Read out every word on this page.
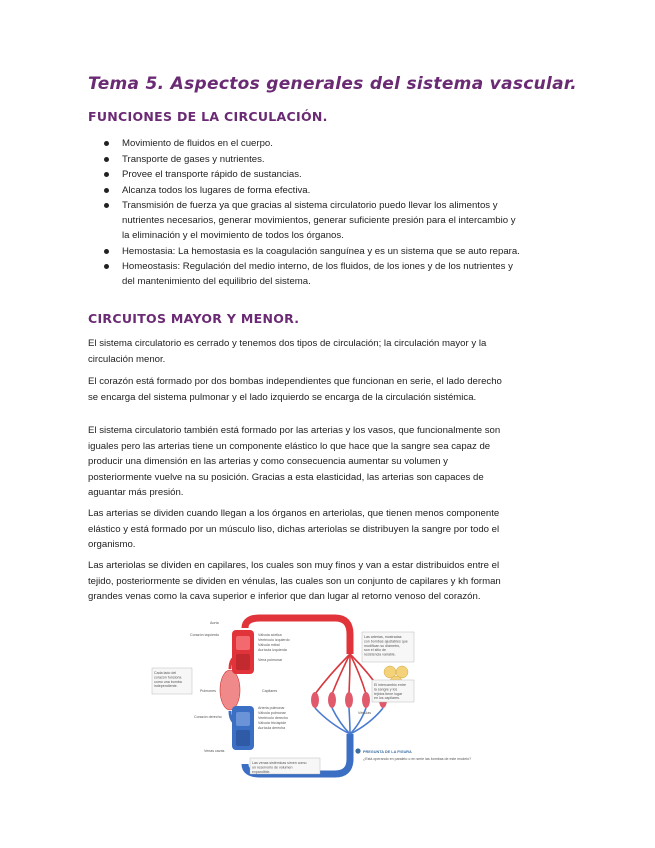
Tema 5. Aspectos generales del sistema vascular.
FUNCIONES DE LA CIRCULACIÓN.
Movimiento de fluidos en el cuerpo.
Transporte de gases y nutrientes.
Provee el transporte rápido de sustancias.
Alcanza todos los lugares de forma efectiva.
Transmisión de fuerza ya que gracias al sistema circulatorio puedo llevar los alimentos y nutrientes necesarios, generar movimientos, generar suficiente presión para el intercambio y la eliminación y el movimiento de todos los órganos.
Hemostasia: La hemostasia es la coagulación sanguínea y es un sistema que se auto repara.
Homeostasis: Regulación del medio interno, de los fluidos, de los iones y de los nutrientes y del mantenimiento del equilibrio del sistema.
CIRCUITOS MAYOR Y MENOR.

El sistema circulatorio es cerrado y tenemos dos tipos de circulación; la circulación mayor y la circulación menor.

El corazón está formado por dos bombas independientes que funcionan en serie, el lado derecho se encarga del sistema pulmonar y el lado izquierdo se encarga de la circulación sistémica.

El sistema circulatorio también está formado por las arterias y los vasos, que funcionalmente son iguales pero las arterias tiene un componente elástico lo que hace que la sangre sea capaz de producir una dimensión en las arterias y como consecuencia aumentar su volumen y posteriormente vuelve na su posición. Gracias a esta elasticidad, las arterias son capaces de aguantar más presión.

Las arterias se dividen cuando llegan a los órganos en arteriolas, que tienen menos componente elástico y está formado por un músculo liso, dichas arteriolas se distribuyen la sangre por todo el organismo.

Las arteriolas se dividen en capilares, los cuales son muy finos y van a estar distribuidos entre el tejido, posteriormente se dividen en vénulas, las cuales son un conjunto de capilares y kh forman grandes venas como la cava superior e inferior que dan lugar al retorno venoso del corazón.

Cada lado del corazón funciona como una bomba independiente.
Las arterias, mostradas con bombas ajustables que modifican su diámetro, son el sitio de resistencia variable.
El intercambio entre la sangre y los tejidos tiene lugar en los capilares.
Las venas sistémicas sirven como un reservorio de volumen expandible.
Aorta
Corazón izquierdo	Válvula aórtica
Ventrículo izquierdo
Válvula mitral
Aurícula izquierda
Vena pulmonar
Pulmones	Capilares
Arteria pulmonar
Válvula pulmonar
Ventrículo derecho
Válvula tricúspide
Aurícula derecha
Corazón derecho
Venas cavas
Vénulas
PREGUNTA DE LA FIGURA
¿Está operando en paralelo o en serie las bombas de este modelo?
